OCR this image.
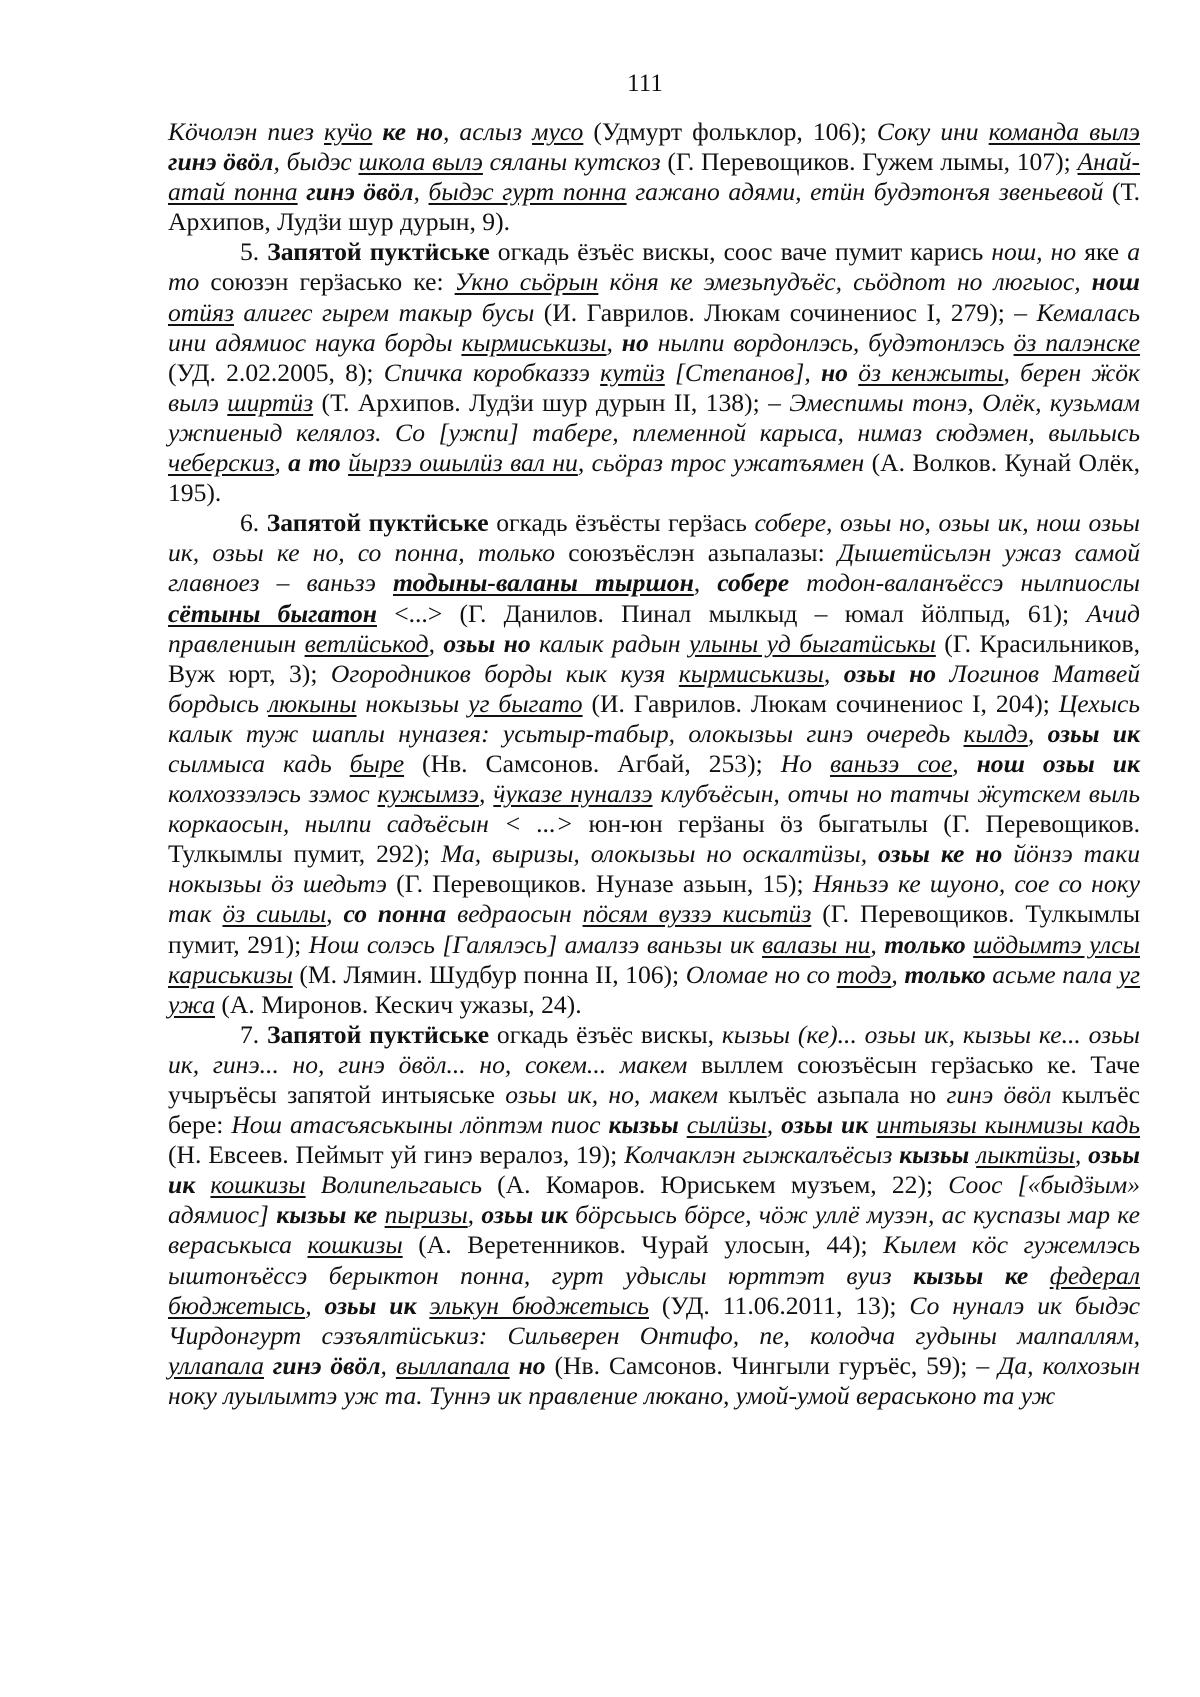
111

Кӧчолэн пиез куӵо ке но, аслыз мусо (Удмурт фольклор, 106); Соку ини команда вылэ гинэ ӧвӧл, быдэс школа вылэ сяланы кутскоз (Г. Перевощиков. Гужем лымы, 107); Анай-атай понна гинэ ӧвӧл, быдэс гурт понна гажано адями, етӥн будэтонъя звеньевой (Т. Архипов, Лудӟи шур дурын, 9).

5. Запятой пуктӥське огкадь ёзъёс вискы, соос ваче пумит карись нош, но яке а то союзэн герӟасько ке: Укно сьӧрын кӧня ке эмезьпудъёс, сьӧдпот но люгыос, нош отӥяз алигес гырем такыр бусы (И. Гаврилов. Люкам сочинениос I, 279); – Кемалась ини адямиос наука борды кырмиськизы, но нылпи вордонлэсь, будэтонлэсь ӧз палэнске (УД. 2.02.2005, 8); Спичка коробказзэ кутӥз [Степанов], но ӧз кенжыты, берен ӝӧк вылэ ширтӥз (Т. Архипов. Лудӟи шур дурын II, 138); – Эмеспимы тонэ, Олёк, кузьмам ужпиеныд келялоз. Со [ужпи] табере, племенной карыса, нимаз сюдэмен, выльысь чеберскиз, а то йырзэ ошылӥз вал ни, сьӧраз трос ужатъямен (А. Волков. Кунай Олёк, 195).

6. Запятой пуктӥське огкадь ёзъёсты герӟась собере, озьы но, озьы ик, нош озьы ик, озьы ке но, со понна, только союзъёслэн азьпалазы: Дышетӥсьлэн ужаз самой главноез – ваньзэ тодыны-валаны тыршон, собере тодон-валанъёссэ нылпиослы сётыны быгатон <...> (Г. Данилов. Пинал мылкыд – юмал йӧлпыд, 61); Ачид правлениын ветлӥськод, озьы но калык радын улыны уд быгатӥськы (Г. Красильников, Вуж юрт, 3); Огородников борды кык кузя кырмиськизы, озьы но Логинов Матвей бордысь люкыны нокызьы уг быгато (И. Гаврилов. Люкам сочинениос I, 204); Цехысь калык туж шаплы нуназея: усьтыр-табыр, олокызьы гинэ очередь кылдэ, озьы ик сылмыса кадь быре (Нв. Самсонов. Агбай, 253); Но ваньзэ сое, нош озьы ик колхоззэлэсь зэмос кужымзэ, ӵуказе нуналзэ клубъёсын, отчы но татчы ӝутскем выль коркаосын, нылпи садъёсын < ...> юн-юн герӟаны ӧз быгатылы (Г. Перевощиков. Тулкымлы пумит, 292); Ма, выризы, олокызьы но оскалтӥзы, озьы ке но йӧнзэ таки нокызьы ӧз шедьтэ (Г. Перевощиков. Нуназе азьын, 15); Няньзэ ке шуоно, сое со ноку так ӧз сиылы, со понна ведраосын пӧсям вуззэ кисьтӥз (Г. Перевощиков. Тулкымлы пумит, 291); Нош солэсь [Галялэсь] амалзэ ваньзы ик валазы ни, только шӧдымтэ улсы кариськизы (М. Лямин. Шудбур понна II, 106); Оломае но со тодэ, только асьме пала уг ужа (А. Миронов. Кескич ужазы, 24).

7. Запятой пуктӥське огкадь ёзъёс вискы, кызьы (ке)... озьы ик, кызьы ке... озьы ик, гинэ... но, гинэ ӧвӧл... но, сокем... макем выллем союзъёсын герӟасько ке. Таче учыръёсы запятой интыяське озьы ик, но, макем кылъёс азьпала но гинэ ӧвӧл кылъёс бере: Нош атасъяськыны лӧптэм пиос кызьы сылӥзы, озьы ик интыязы кынмизы кадь (Н. Евсеев. Пеймыт уй гинэ вералоз, 19); Колчаклэн гыжкалъёсыз кызьы лыктӥзы, озьы ик кошкизы Волипельгаысь (А. Комаров. Юриськем музъем, 22); Соос [«быдӟым» адямиос] кызьы ке пыризы, озьы ик бӧрсьысь бӧрсе, чӧж уллё музэн, ас куспазы мар ке вераськыса кошкизы (А. Веретенников. Чурай улосын, 44); Кылем кӧс гужемлэсь ыштонъёссэ берыктон понна, гурт удыслы юрттэт вуиз кызьы ке федерал бюджетысь, озьы ик элькун бюджетысь (УД. 11.06.2011, 13); Со нуналэ ик быдэс Чирдонгурт сэзъялтӥськиз: Сильверен Онтифо, пе, колодча гудыны малпаллям, уллапала гинэ ӧвӧл, выллапала но (Нв. Самсонов. Чингыли гуръёс, 59); – Да, колхозын ноку луылымтэ уж та. Туннэ ик правление люкано, умой-умой вераськоно та уж
